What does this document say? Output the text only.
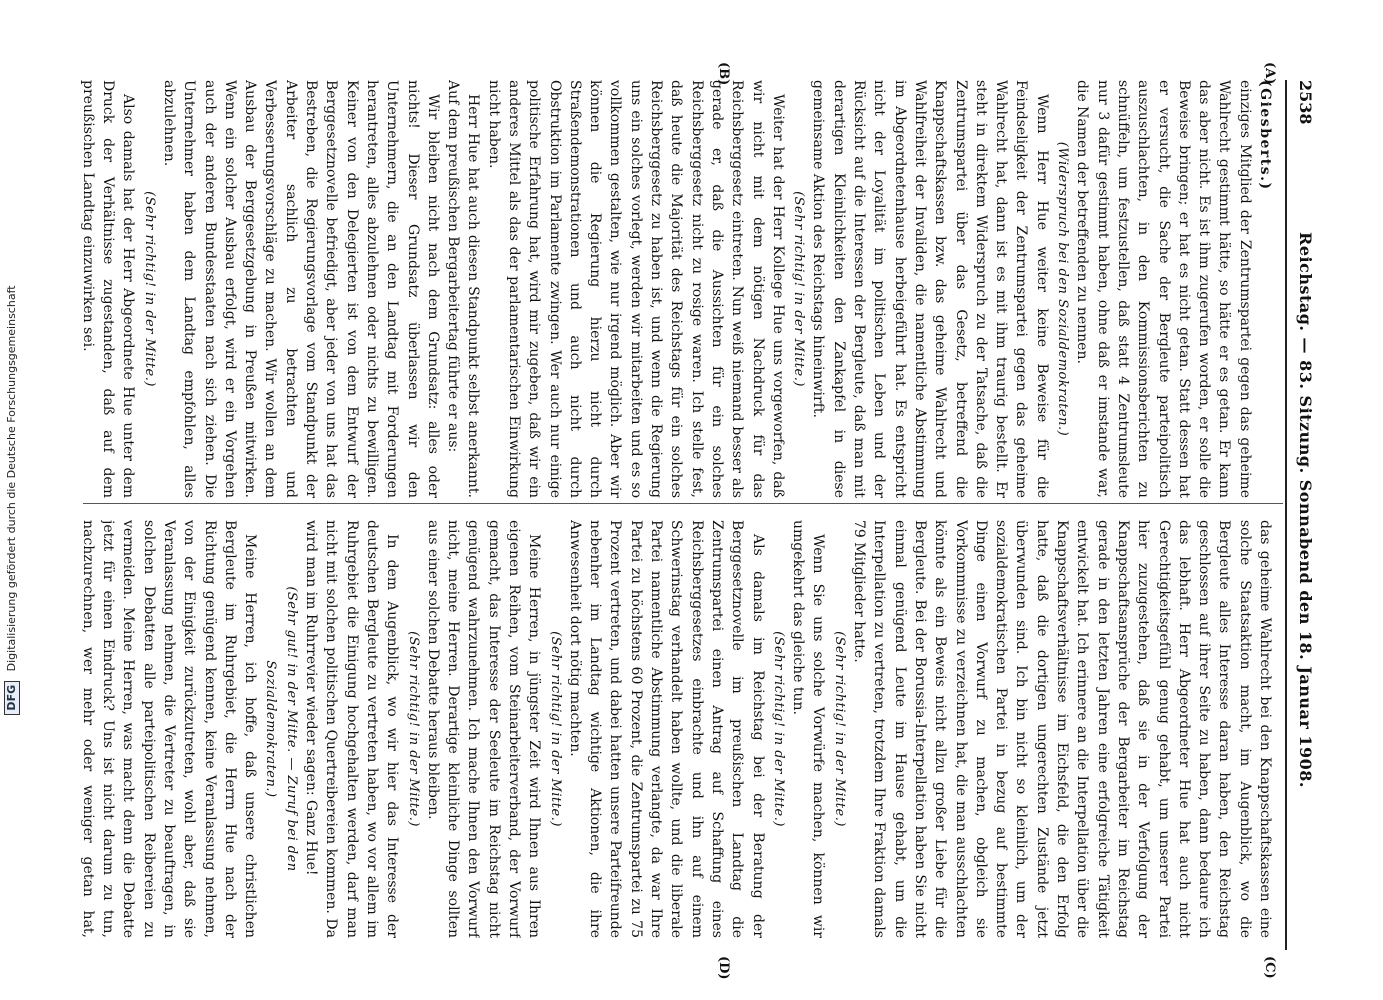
2538
Reichstag. — 83. Sitzung. Sonnabend den 18. Januar 1908.
(A)
(B)
(C)
(D)
(Giesberts.)

einziges Mitglied der Zentrumspartei gegen das geheime Wahlrecht gestimmt hätte, so hätte er es getan. Er kann das aber nicht. Es ist ihm zugerufen worden, er solle die Beweise bringen; er hat es nicht getan. Statt dessen hat er versucht, die Sache der Bergleute parteipolitisch auszuschlachten, in den Kommissionsberichten zu schnüffeln, um festzustellen, daß statt 4 Zentrumsleute nur 3 dafür gestimmt haben, ohne daß er imstande war, die Namen der betreffenden zu nennen.

(Widerspruch bei den Sozialdemokraten.)

Wenn Herr Hue weiter keine Beweise für die Feindseligkeit der Zentrumspartei gegen das geheime Wahlrecht hat, dann ist es mit ihm traurig bestellt. Er steht in direktem Widerspruch zu der Tatsache, daß die Zentrumspartei über das Gesetz, betreffend die Knappschaftskassen bzw. das geheime Wahlrecht und Wahlfreiheit der Invaliden, die namentliche Abstimmung im Abgeordnetenhause herbeigeführt hat. Es entspricht nicht der Loyalität im politischen Leben und der Rücksicht auf die Interessen der Bergleute, daß man mit derartigen Kleinlichkeiten den Zankapfel in diese gemeinsame Aktion des Reichstags hineinwirft.

(Sehr richtig! in der Mitte.)

Weiter hat der Herr Kollege Hue uns vorgeworfen, daß wir nicht mit dem nötigen Nachdruck für das Reichsberggesetz eintreten. Nun weiß niemand besser als gerade er, daß die Aussichten für ein solches Reichsberggesetz nicht zu rosige waren. Ich stelle fest, daß heute die Majorität des Reichstags für ein solches Reichsberggesetz zu haben ist, und wenn die Regierung uns ein solches vorlegt, werden wir mitarbeiten und es so vollkommen gestalten, wie nur irgend möglich. Aber wir können die Regierung hierzu nicht durch Straßendemonstrationen und auch nicht durch Obstruktion im Parlamente zwingen. Wer auch nur einige politische Erfahrung hat, wird mir zugeben, daß wir ein anderes Mittel als das der parlamentarischen Einwirkung nicht haben.

Herr Hue hat auch diesen Standpunkt selbst anerkannt. Auf dem preußischen Bergarbeitertag führte er aus:

Wir bleiben nicht nach dem Grundsatz: alles oder nichts! Dieser Grundsatz überlassen wir den Unternehmern, die an den Landtag mit Forderungen herantreten, alles abzulehnen oder nichts zu bewilligen. Keiner von den Delegierten ist von dem Entwurf der Berggesetznovelle befriedigt, aber jeder von uns hat das Bestreben, die Regierungsvorlage vom Standpunkt der Arbeiter sachlich zu betrachten und Verbesserungsvorschläge zu machen. Wir wollen an dem Ausbau der Berggesetzgebung in Preußen mitwirken. Wenn ein solcher Ausbau erfolgt, wird er ein Vorgehen auch der anderen Bundesstaaten nach sich ziehen. Die Unternehmer haben dem Landtag empfohlen, alles abzulehnen.

(Sehr richtig! in der Mitte.)

Also damals hat der Herr Abgeordnete Hue unter dem Druck der Verhältnisse zugestanden, daß auf dem preußischen Landtag einzuwirken sei.

das geheime Wahlrecht bei den Knappschaftskassen eine solche Staatsaktion macht, im Augenblick, wo die Bergleute alles Interesse daran haben, den Reichstag geschlossen auf ihrer Seite zu haben, dann bedaure ich das lebhaft. Herr Abgeordneter Hue hat auch nicht Gerechtigkeitsgefühl genug gehabt, um unserer Partei hier zuzugestehen, daß sie in der Verfolgung der Knappschaftsansprüche der Bergarbeiter im Reichstag gerade in den letzten Jahren eine erfolgreiche Tätigkeit entwickelt hat. Ich erinnere an die Interpellation über die Knappschaftsverhältnisse im Eichsfeld, die den Erfolg hatte, daß die dortigen ungerechten Zustände jetzt überwunden sind. Ich bin nicht so kleinlich, um der sozialdemokratischen Partei in bezug auf bestimmte Dinge einen Vorwurf zu machen, obgleich sie Vorkommnisse zu verzeichnen hat, die man ausschlachten könnte als ein Beweis nicht allzu großer Liebe für die Bergleute. Bei der Borussia-Interpellation haben Sie nicht einmal genügend Leute im Hause gehabt, um die Interpellation zu vertreten, trotzdem Ihre Fraktion damals 79 Mitglieder hatte.

(Sehr richtig! in der Mitte.)

Wenn Sie uns solche Vorwürfe machen, können wir umgekehrt das gleiche tun.

(Sehr richtig! in der Mitte.)

Als damals im Reichstag bei der Beratung der Berggesetznovelle im preußischen Landtag die Zentrumspartei einen Antrag auf Schaffung eines Reichsberggesetzes einbrachte und ihn auf einem Schwerinstag verhandelt haben wollte, und die liberale Partei namentliche Abstimmung verlangte, da war Ihre Partei zu höchstens 60 Prozent, die Zentrumspartei zu 75 Prozent vertreten, und dabei hatten unsere Parteifreunde nebenher im Landtag wichtige Aktionen, die ihre Anwesenheit dort nötig machten.

(Sehr richtig! in der Mitte.)

Meine Herren, in jüngster Zeit wird Ihnen aus Ihren eigenen Reihen, vom Steinarbeiterverband, der Vorwurf gemacht, das Interesse der Seeleute im Reichstag nicht genügend wahrzunehmen. Ich mache Ihnen den Vorwurf nicht, meine Herren. Derartige kleinliche Dinge sollten aus einer solchen Debatte heraus bleiben.

(Sehr richtig! in der Mitte.)

In dem Augenblick, wo wir hier das Interesse der deutschen Bergleute zu vertreten haben, wo vor allem im Ruhrgebiet die Einigung hochgehalten werden, darf man nicht mit solchen politischen Quertreibereien kommen. Da wird man im Ruhrrevier wieder sagen: Ganz Hue!

(Sehr gut! in der Mitte. — Zuruf bei den Sozialdemokraten.)

Meine Herren, ich hoffe, daß unsere christlichen Bergleute im Ruhrgebiet, die Herrn Hue nach der Richtung genügend kennen, keine Veranlassung nehmen, von der Einigkeit zurückzutreten, wohl aber, daß sie Veranlassung nehmen, die Vertreter zu beauftragen, in solchen Debatten alle parteipolitischen Reibereien zu vermeiden. Meine Herren, was macht denn die Debatte jetzt für einen Eindruck? Uns ist nicht darum zu tun, nachzurechnen, wer mehr oder weniger getan hat,

DFG Digitalisierung gefördert durch die Deutsche Forschungsgemeinschaft
